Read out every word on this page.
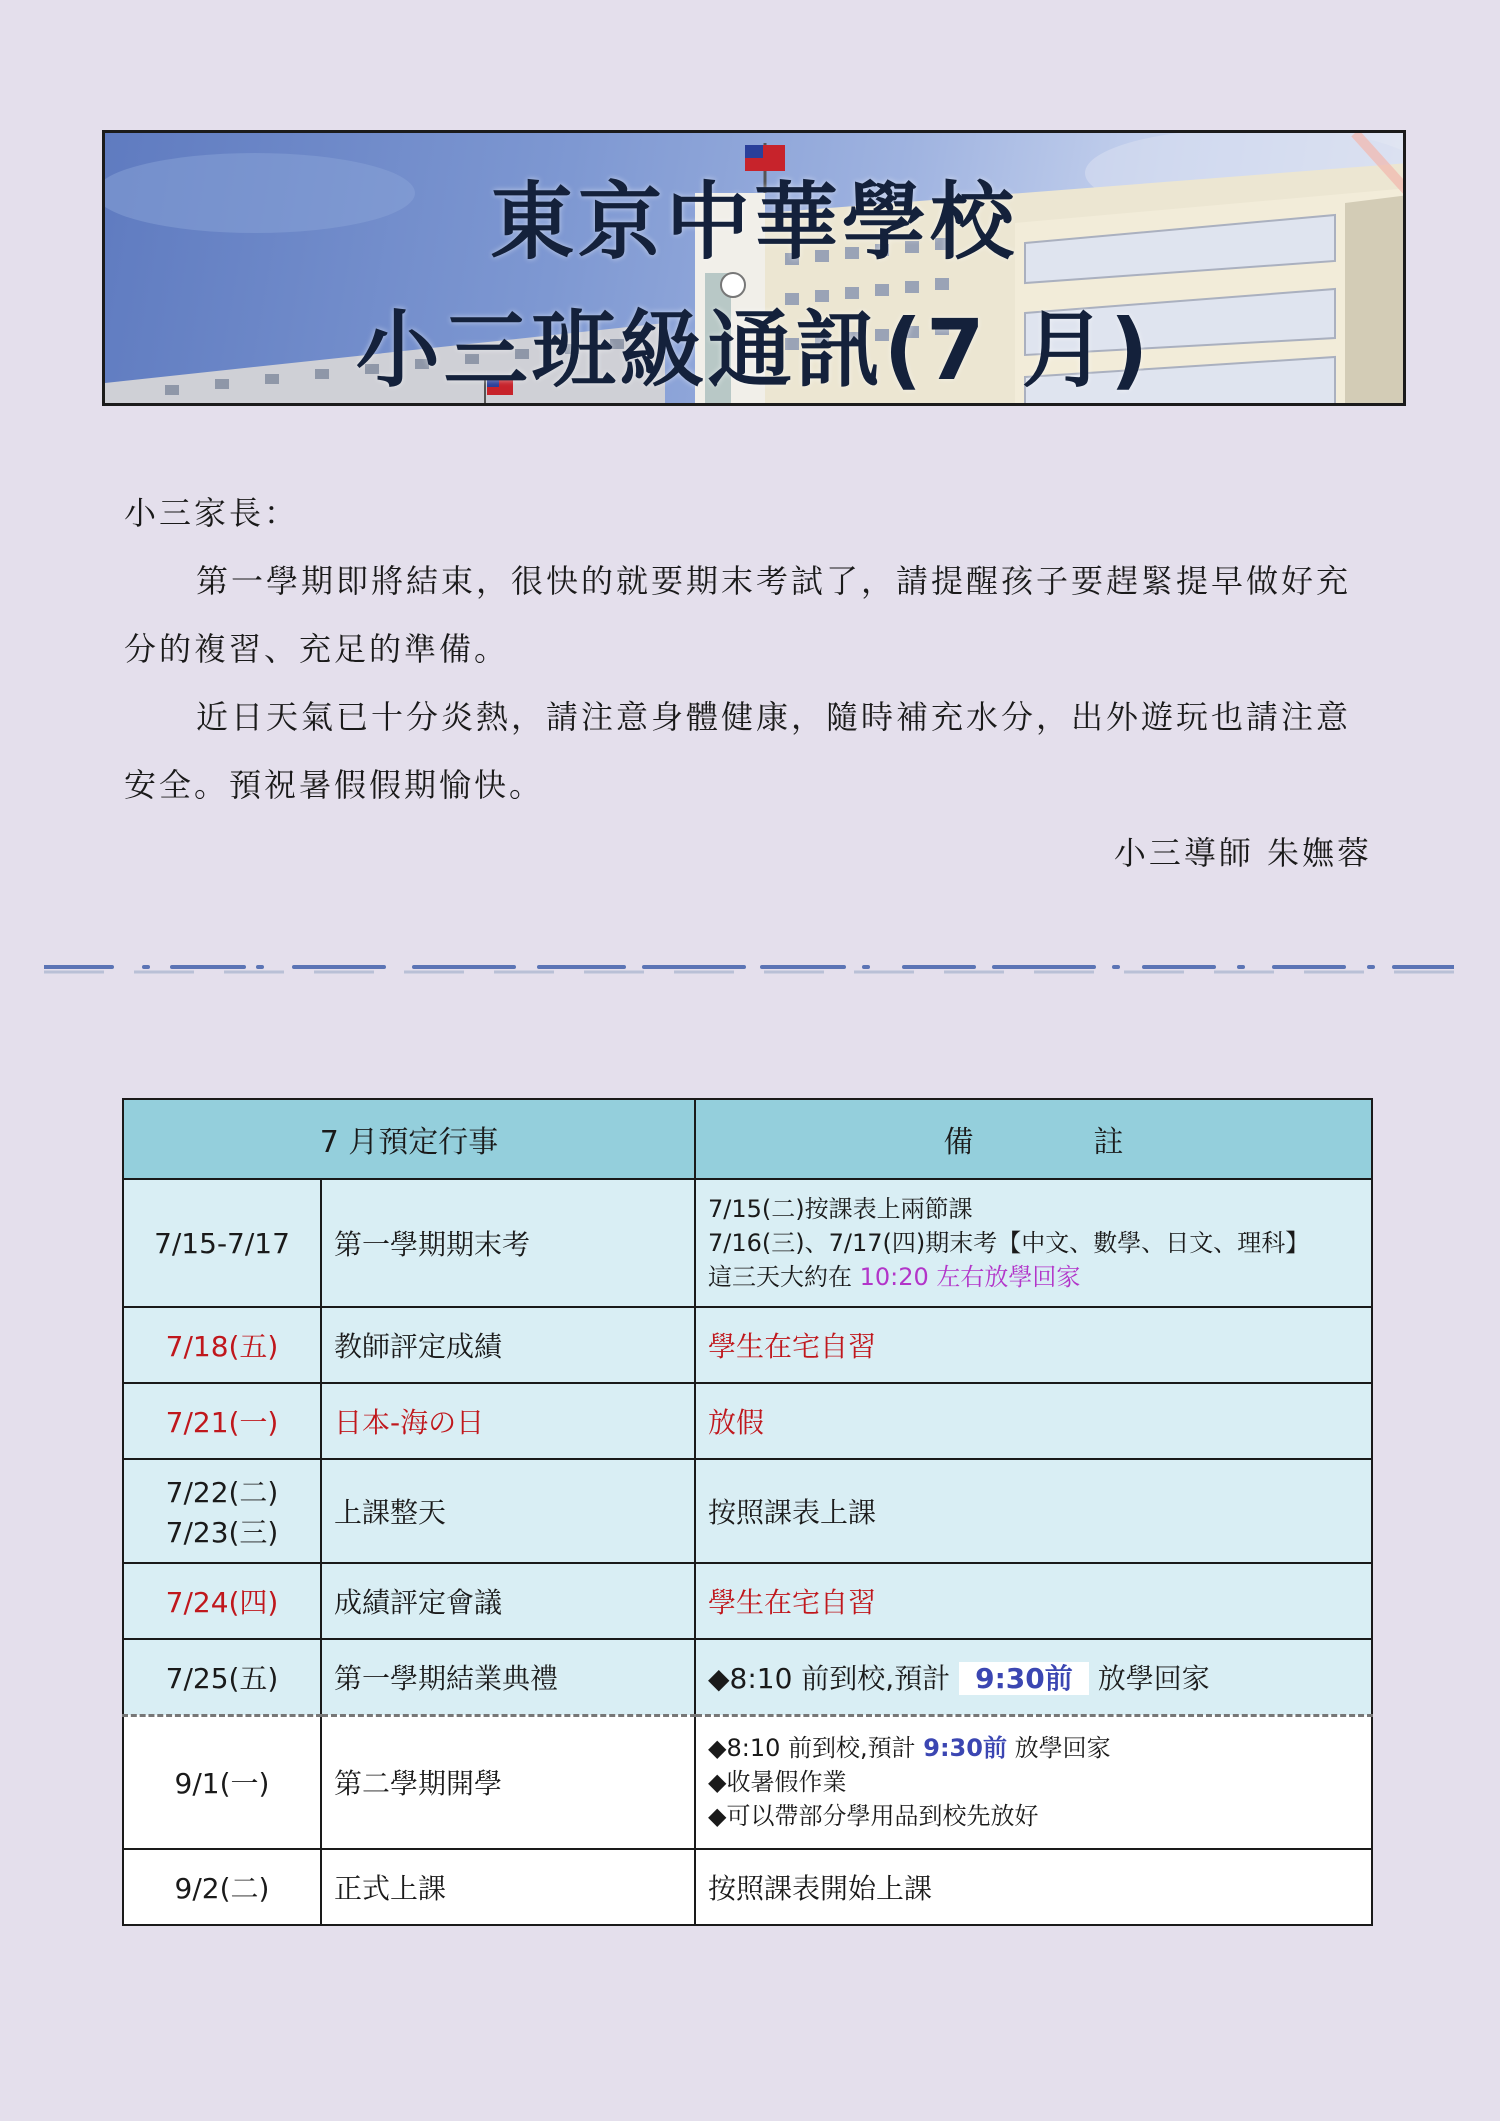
東京中華學校
小三班級通訊(7 月)
小三家長：
第一學期即將結束，很快的就要期末考試了，請提醒孩子要趕緊提早做好充
分的複習、充足的準備。
近日天氣已十分炎熱，請注意身體健康，隨時補充水分，出外遊玩也請注意
安全。預祝暑假假期愉快。
小三導師 朱嫵蓉
7 月預定行事		備　　　　註
7/15-7/17	第一學期期末考	7/15(二)按課表上兩節課
7/16(三)、7/17(四)期末考【中文、數學、日文、理科】
這三天大約在 10:20 左右放學回家

7/18(五)	教師評定成績	學生在宅自習
7/21(一)	日本-海の日	放假

7/22(二)
7/23(三)	上課整天	按照課表上課
7/24(四)	成績評定會議	學生在宅自習
7/25(五)	第一學期結業典禮	◆8:10 前到校,預計 9:30前 放學回家
9/1(一)	第二學期開學	◆8:10 前到校,預計 9:30前 放學回家
◆收暑假作業
◆可以帶部分學用品到校先放好

9/2(二)	正式上課	按照課表開始上課
